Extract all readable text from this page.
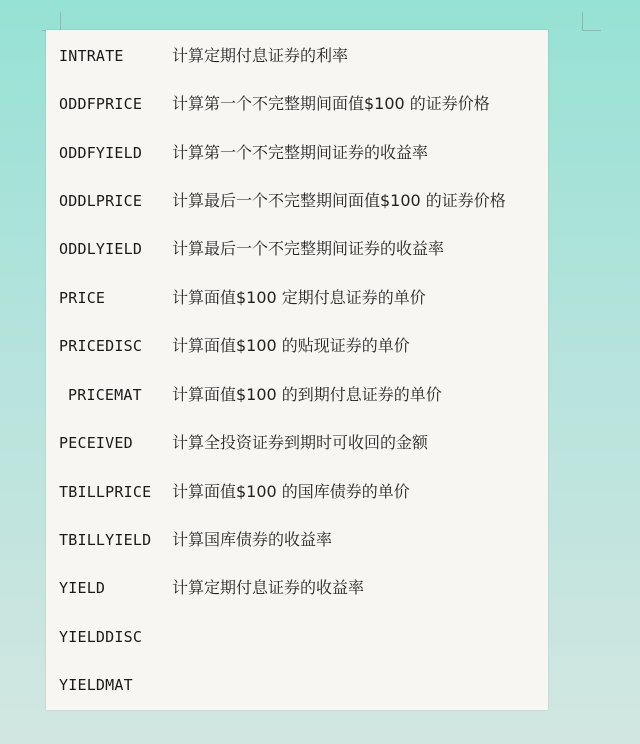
INTRATE	计算定期付息证券的利率
ODDFPRICE 计算第一个不完整期间面值$100 的证券价格
ODDFYIELD 计算第一个不完整期间证券的收益率
ODDLPRICE 计算最后一个不完整期间面值$100 的证券价格
ODDLYIELD 计算最后一个不完整期间证券的收益率
PRICE	计算面值$100 定期付息证券的单价
PRICEDISC 计算面值$100 的贴现证券的单价
PRICEMAT 计算面值$100 的到期付息证券的单价
PECEIVED 计算全投资证券到期时可收回的金额
TBILLPRICE 计算面值$100 的国库债券的单价
TBILLYIELD 计算国库债券的收益率
YIELD	计算定期付息证券的收益率
YIELDDISC
YIELDMAT
